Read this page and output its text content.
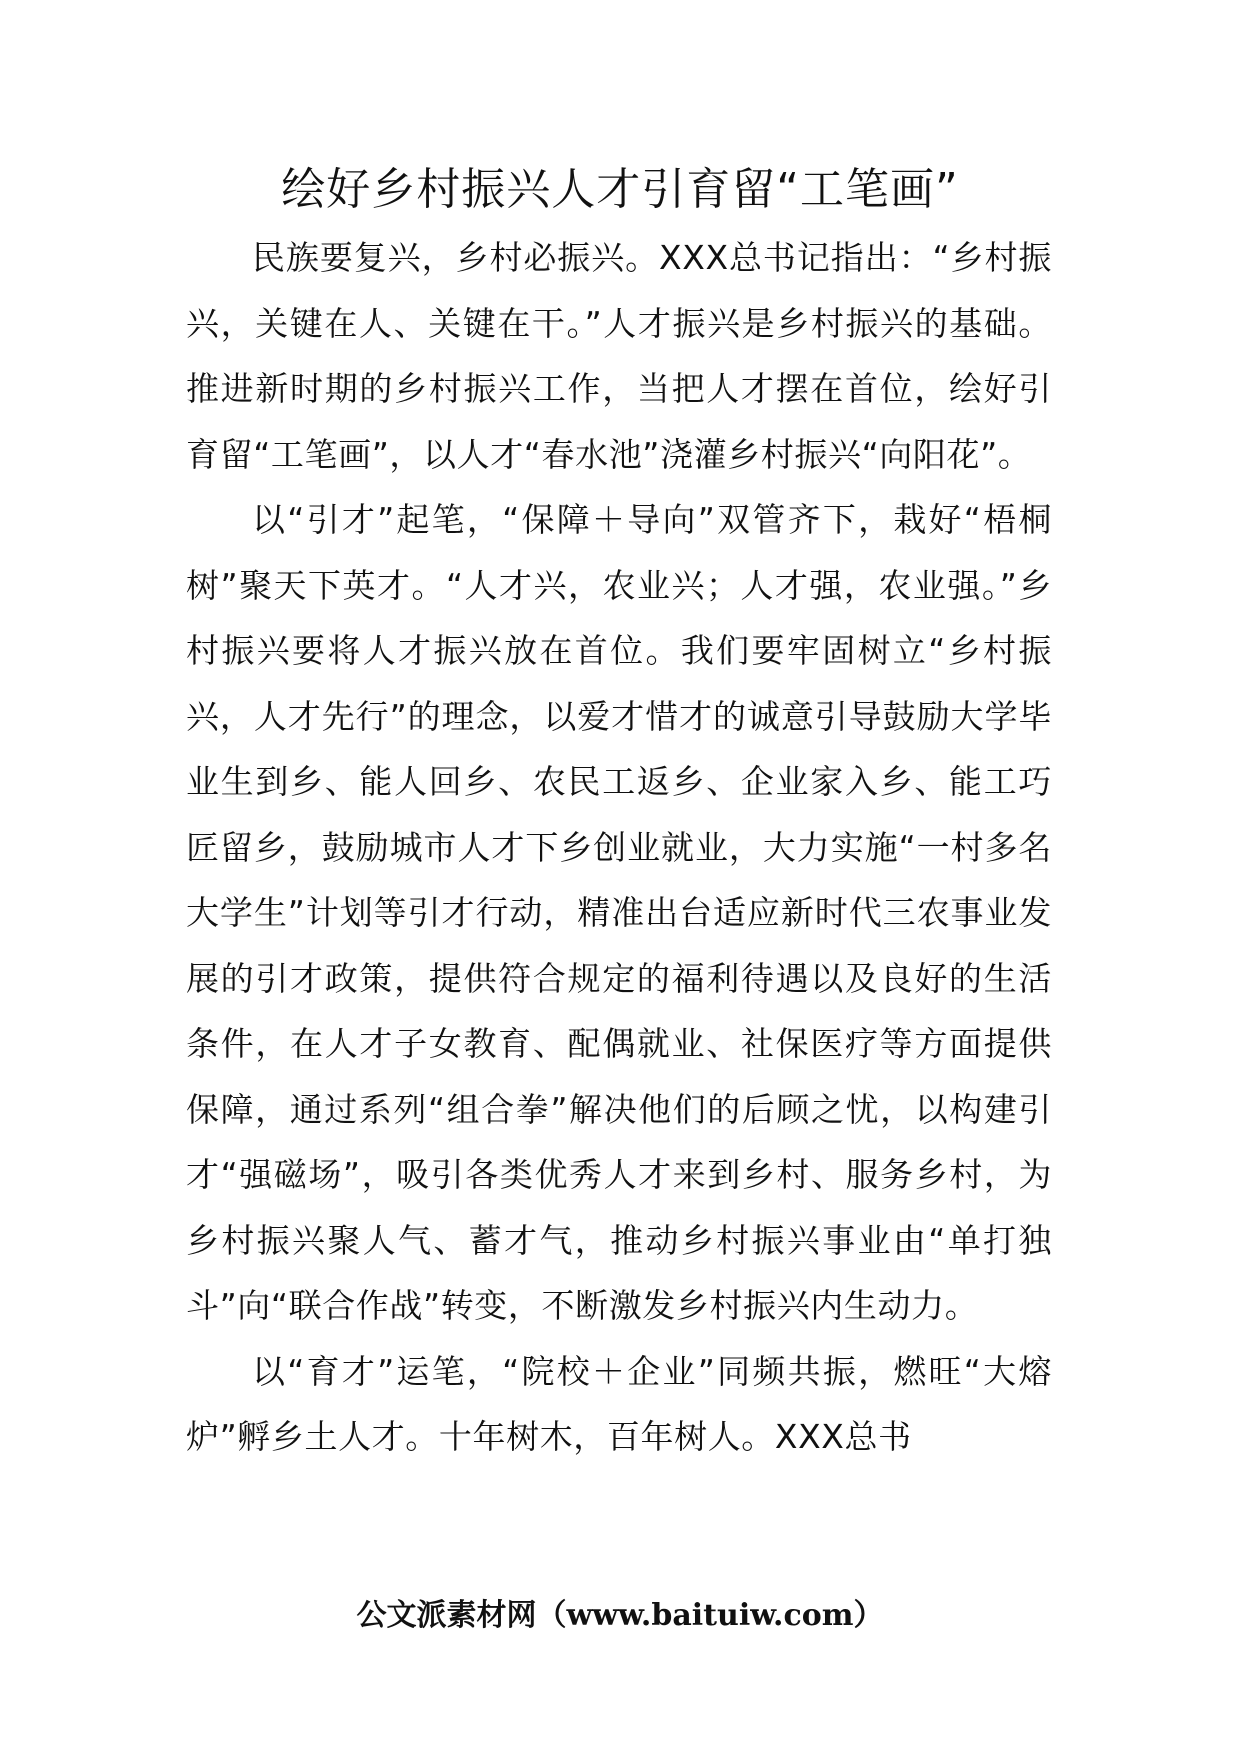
绘好乡村振兴人才引育留“工笔画”

民族要复兴，乡村必振兴。XXX总书记指出：“乡村振兴，关键在人、关键在干。”人才振兴是乡村振兴的基础。推进新时期的乡村振兴工作，当把人才摆在首位，绘好引育留“工笔画”，以人才“春水池”浇灌乡村振兴“向阳花”。

以“引才”起笔，“保障＋导向”双管齐下，栽好“梧桐树”聚天下英才。“人才兴，农业兴；人才强，农业强。”乡村振兴要将人才振兴放在首位。我们要牢固树立“乡村振兴，人才先行”的理念，以爱才惜才的诚意引导鼓励大学毕业生到乡、能人回乡、农民工返乡、企业家入乡、能工巧匠留乡，鼓励城市人才下乡创业就业，大力实施“一村多名大学生”计划等引才行动，精准出台适应新时代三农事业发展的引才政策，提供符合规定的福利待遇以及良好的生活条件，在人才子女教育、配偶就业、社保医疗等方面提供保障，通过系列“组合拳”解决他们的后顾之忧，以构建引才“强磁场”，吸引各类优秀人才来到乡村、服务乡村，为乡村振兴聚人气、蓄才气，推动乡村振兴事业由“单打独斗”向“联合作战”转变，不断激发乡村振兴内生动力。

以“育才”运笔，“院校＋企业”同频共振，燃旺“大熔炉”孵乡土人才。十年树木，百年树人。XXX总书

公文派素材网（www.baituiw.com）
